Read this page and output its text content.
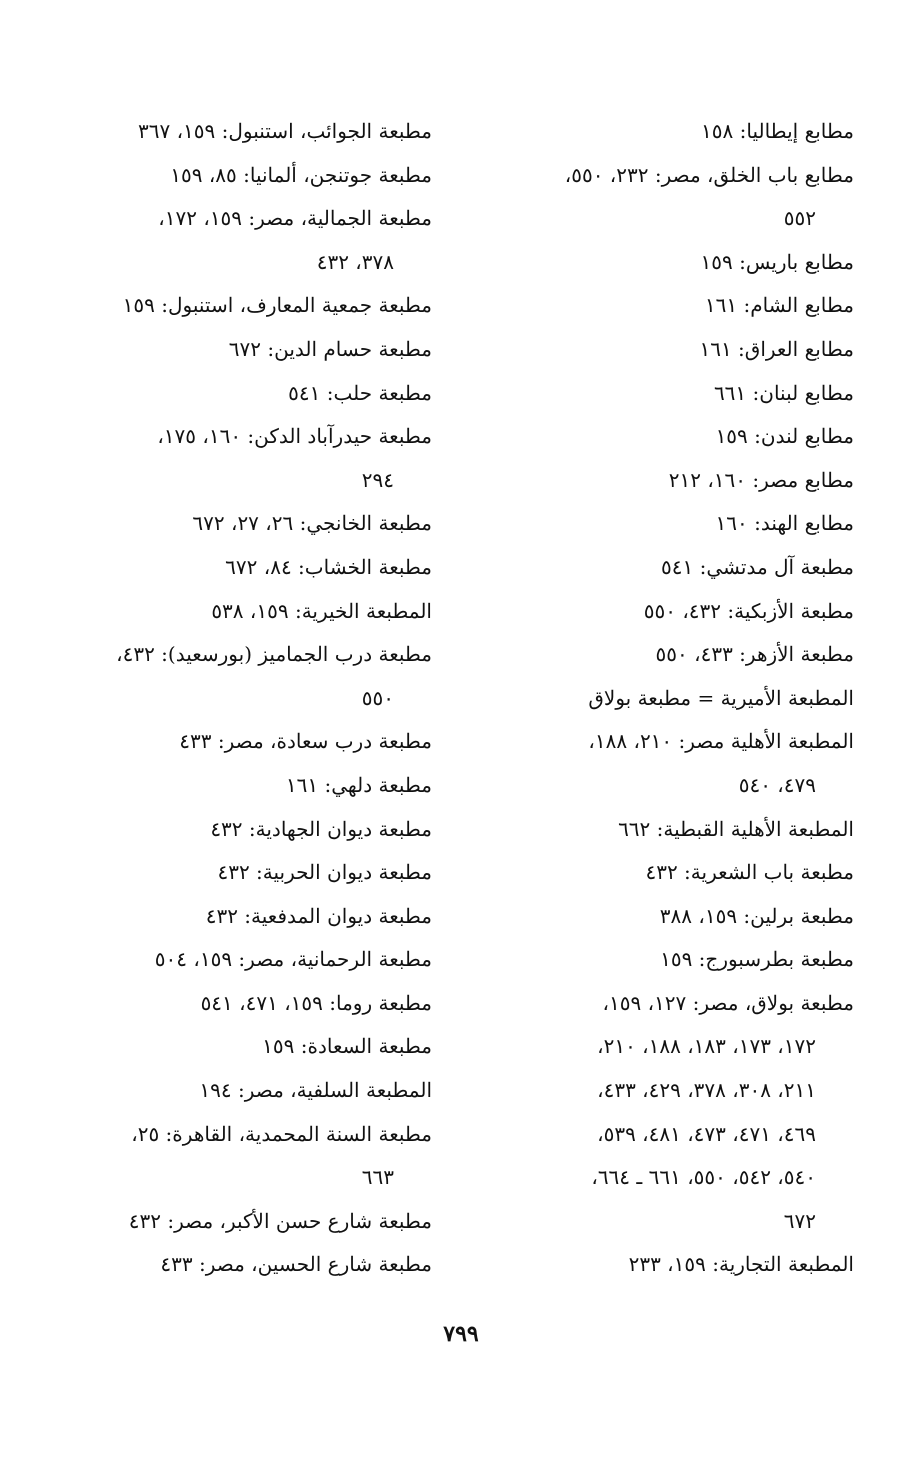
مطابع إيطاليا: ١٥٨
مطابع باب الخلق، مصر: ٢٣٢، ٥٥٠،
٥٥٢
مطابع باريس: ١٥٩
مطابع الشام: ١٦١
مطابع العراق: ١٦١
مطابع لبنان: ٦٦١
مطابع لندن: ١٥٩
مطابع مصر: ١٦٠، ٢١٢
مطابع الهند: ١٦٠
مطبعة آل مدتشي: ٥٤١
مطبعة الأزبكية: ٤٣٢، ٥٥٠
مطبعة الأزهر: ٤٣٣، ٥٥٠
المطبعة الأميرية = مطبعة بولاق
المطبعة الأهلية مصر: ٢١٠، ١٨٨،
٤٧٩، ٥٤٠
المطبعة الأهلية القبطية: ٦٦٢
مطبعة باب الشعرية: ٤٣٢
مطبعة برلين: ١٥٩، ٣٨٨
مطبعة بطرسبورج: ١٥٩
مطبعة بولاق، مصر: ١٢٧، ١٥٩،
١٧٢، ١٧٣، ١٨٣، ١٨٨، ٢١٠،
٢١١، ٣٠٨، ٣٧٨، ٤٢٩، ٤٣٣،
٤٦٩، ٤٧١، ٤٧٣، ٤٨١، ٥٣٩،
٥٤٠، ٥٤٢، ٥٥٠، ٦٦١ ـ ٦٦٤،
٦٧٢
المطبعة التجارية: ١٥٩، ٢٣٣
مطبعة الجوائب، استنبول: ١٥٩، ٣٦٧
مطبعة جوتنجن، ألمانيا: ٨٥، ١٥٩
مطبعة الجمالية، مصر: ١٥٩، ١٧٢،
٣٧٨، ٤٣٢
مطبعة جمعية المعارف، استنبول: ١٥٩
مطبعة حسام الدين: ٦٧٢
مطبعة حلب: ٥٤١
مطبعة حيدرآباد الدكن: ١٦٠، ١٧٥،
٢٩٤
مطبعة الخانجي: ٢٦، ٢٧، ٦٧٢
مطبعة الخشاب: ٨٤، ٦٧٢
المطبعة الخيرية: ١٥٩، ٥٣٨
مطبعة درب الجماميز (بورسعيد): ٤٣٢،
٥٥٠
مطبعة درب سعادة، مصر: ٤٣٣
مطبعة دلهي: ١٦١
مطبعة ديوان الجهادية: ٤٣٢
مطبعة ديوان الحربية: ٤٣٢
مطبعة ديوان المدفعية: ٤٣٢
مطبعة الرحمانية، مصر: ١٥٩، ٥٠٤
مطبعة روما: ١٥٩، ٤٧١، ٥٤١
مطبعة السعادة: ١٥٩
المطبعة السلفية، مصر: ١٩٤
مطبعة السنة المحمدية، القاهرة: ٢٥،
٦٦٣
مطبعة شارع حسن الأكبر، مصر: ٤٣٢
مطبعة شارع الحسين، مصر: ٤٣٣
٧٩٩
